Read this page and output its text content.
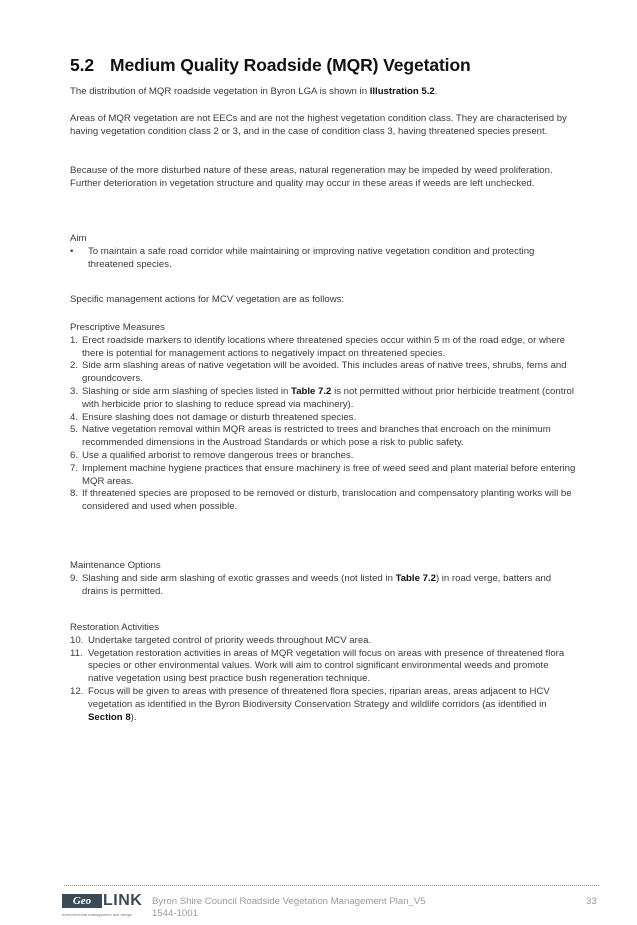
5.2 Medium Quality Roadside (MQR) Vegetation

The distribution of MQR roadside vegetation in Byron LGA is shown in Illustration 5.2.

Areas of MQR vegetation are not EECs and are not the highest vegetation condition class. They are characterised by having vegetation condition class 2 or 3, and in the case of condition class 3, having threatened species present.

Because of the more disturbed nature of these areas, natural regeneration may be impeded by weed proliferation. Further deterioration in vegetation structure and quality may occur in these areas if weeds are left unchecked.

Aim

• To maintain a safe road corridor while maintaining or improving native vegetation condition and protecting threatened species.

Specific management actions for MCV vegetation are as follows:

Prescriptive Measures

1. Erect roadside markers to identify locations where threatened species occur within 5 m of the road edge, or where there is potential for management actions to negatively impact on threatened species.
2. Side arm slashing areas of native vegetation will be avoided. This includes areas of native trees, shrubs, ferns and groundcovers.
3. Slashing or side arm slashing of species listed in Table 7.2 is not permitted without prior herbicide treatment (control with herbicide prior to slashing to reduce spread via machinery).
4. Ensure slashing does not damage or disturb threatened species.
5. Native vegetation removal within MQR areas is restricted to trees and branches that encroach on the minimum recommended dimensions in the Austroad Standards or which pose a risk to public safety.
6. Use a qualified arborist to remove dangerous trees or branches.
7. Implement machine hygiene practices that ensure machinery is free of weed seed and plant material before entering MQR areas.
8. If threatened species are proposed to be removed or disturb, translocation and compensatory planting works will be considered and used when possible.

Maintenance Options

9. Slashing and side arm slashing of exotic grasses and weeds (not listed in Table 7.2) in road verge, batters and drains is permitted.

Restoration Activities

10. Undertake targeted control of priority weeds throughout MCV area.
11. Vegetation restoration activities in areas of MQR vegetation will focus on areas with presence of threatened flora species or other environmental values. Work will aim to control significant environmental weeds and promote native vegetation using best practice bush regeneration technique.
12. Focus will be given to areas with presence of threatened flora species, riparian areas, areas adjacent to HCV vegetation as identified in the Byron Biodiversity Conservation Strategy and wildlife corridors (as identified in Section 8).
Geo LINK
environmental management and design
Byron Shire Council Roadside Vegetation Management Plan_V5
1544-1001
33
